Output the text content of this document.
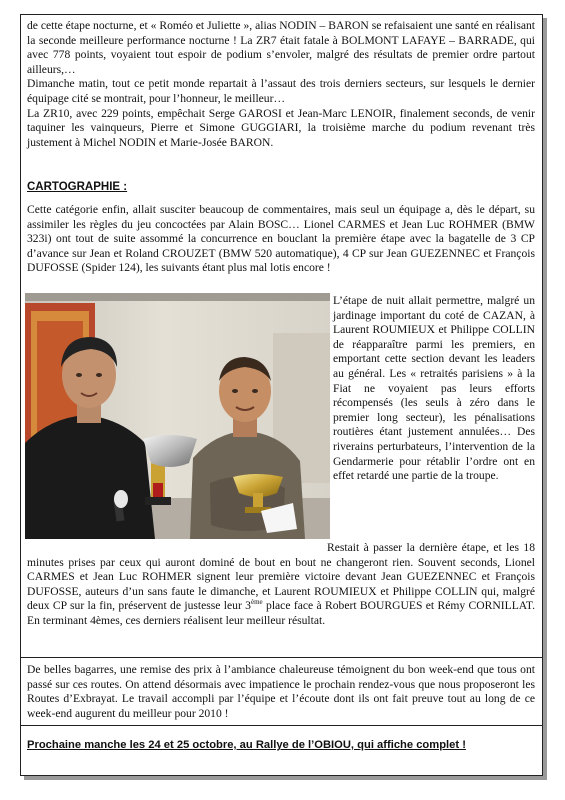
de cette étape nocturne, et « Roméo et Juliette », alias NODIN – BARON se refaisaient une santé en réalisant la seconde meilleure performance nocturne ! La ZR7 était fatale à BOLMONT LAFAYE – BARRADE, qui avec 778 points, voyaient tout espoir de podium s’envoler, malgré des résultats de premier ordre partout ailleurs,…

Dimanche matin, tout ce petit monde repartait à l’assaut des trois derniers secteurs, sur lesquels le dernier équipage cité se montrait, pour l’honneur, le meilleur…

La ZR10, avec 229 points, empêchait Serge GAROSI et Jean-Marc LENOIR, finalement seconds, de venir taquiner les vainqueurs, Pierre et Simone GUGGIARI, la troisième marche du podium revenant très justement à Michel NODIN et Marie-Josée BARON.

CARTOGRAPHIE :

Cette catégorie enfin, allait susciter beaucoup de commentaires, mais seul un équipage a, dès le départ, su assimiler les règles du jeu concoctées par Alain BOSC… Lionel CARMES et Jean Luc ROHMER (BMW 323i) ont tout de suite assommé la concurrence en bouclant la première étape avec la bagatelle de 3 CP d’avance sur Jean et Roland CROUZET (BMW 520 automatique), 4 CP sur Jean GUEZENNEC et François DUFOSSE (Spider 124), les suivants étant plus mal lotis encore !

L’étape de nuit allait permettre, malgré un jardinage important du coté de CAZAN, à Laurent ROUMIEUX et Philippe COLLIN de réapparaître parmi les premiers, en emportant cette section devant les leaders au général. Les « retraités parisiens » à la Fiat ne voyaient pas leurs efforts récompensés (les seuls à zéro dans le premier long secteur), les pénalisations routières étant justement annulées… Des riverains perturbateurs, l’intervention de la Gendarmerie pour rétablir l’ordre ont en effet retardé une partie de la troupe.
Restait à passer la dernière étape, et les 18 minutes prises par ceux qui auront dominé de bout en bout ne changeront rien. Souvent seconds, Lionel CARMES et Jean Luc ROHMER signent leur première victoire devant Jean GUEZENNEC et François DUFOSSE, auteurs d’un sans faute le dimanche, et Laurent ROUMIEUX et Philippe COLLIN qui, malgré deux CP sur la fin, préservent de justesse leur 3ème place face à Robert BOURGUES et Rémy CORNILLAT. En terminant 4èmes, ces derniers réalisent leur meilleur résultat.
De belles bagarres, une remise des prix à l’ambiance chaleureuse témoignent du bon week-end que tous ont passé sur ces routes. On attend désormais avec impatience le prochain rendez-vous que nous proposeront les Routes d’Exbrayat. Le travail accompli par l’équipe et l’écoute dont ils ont fait preuve tout au long de ce week-end augurent du meilleur pour 2010 !
Prochaine manche les 24 et 25 octobre, au Rallye de l’OBIOU, qui affiche complet !
